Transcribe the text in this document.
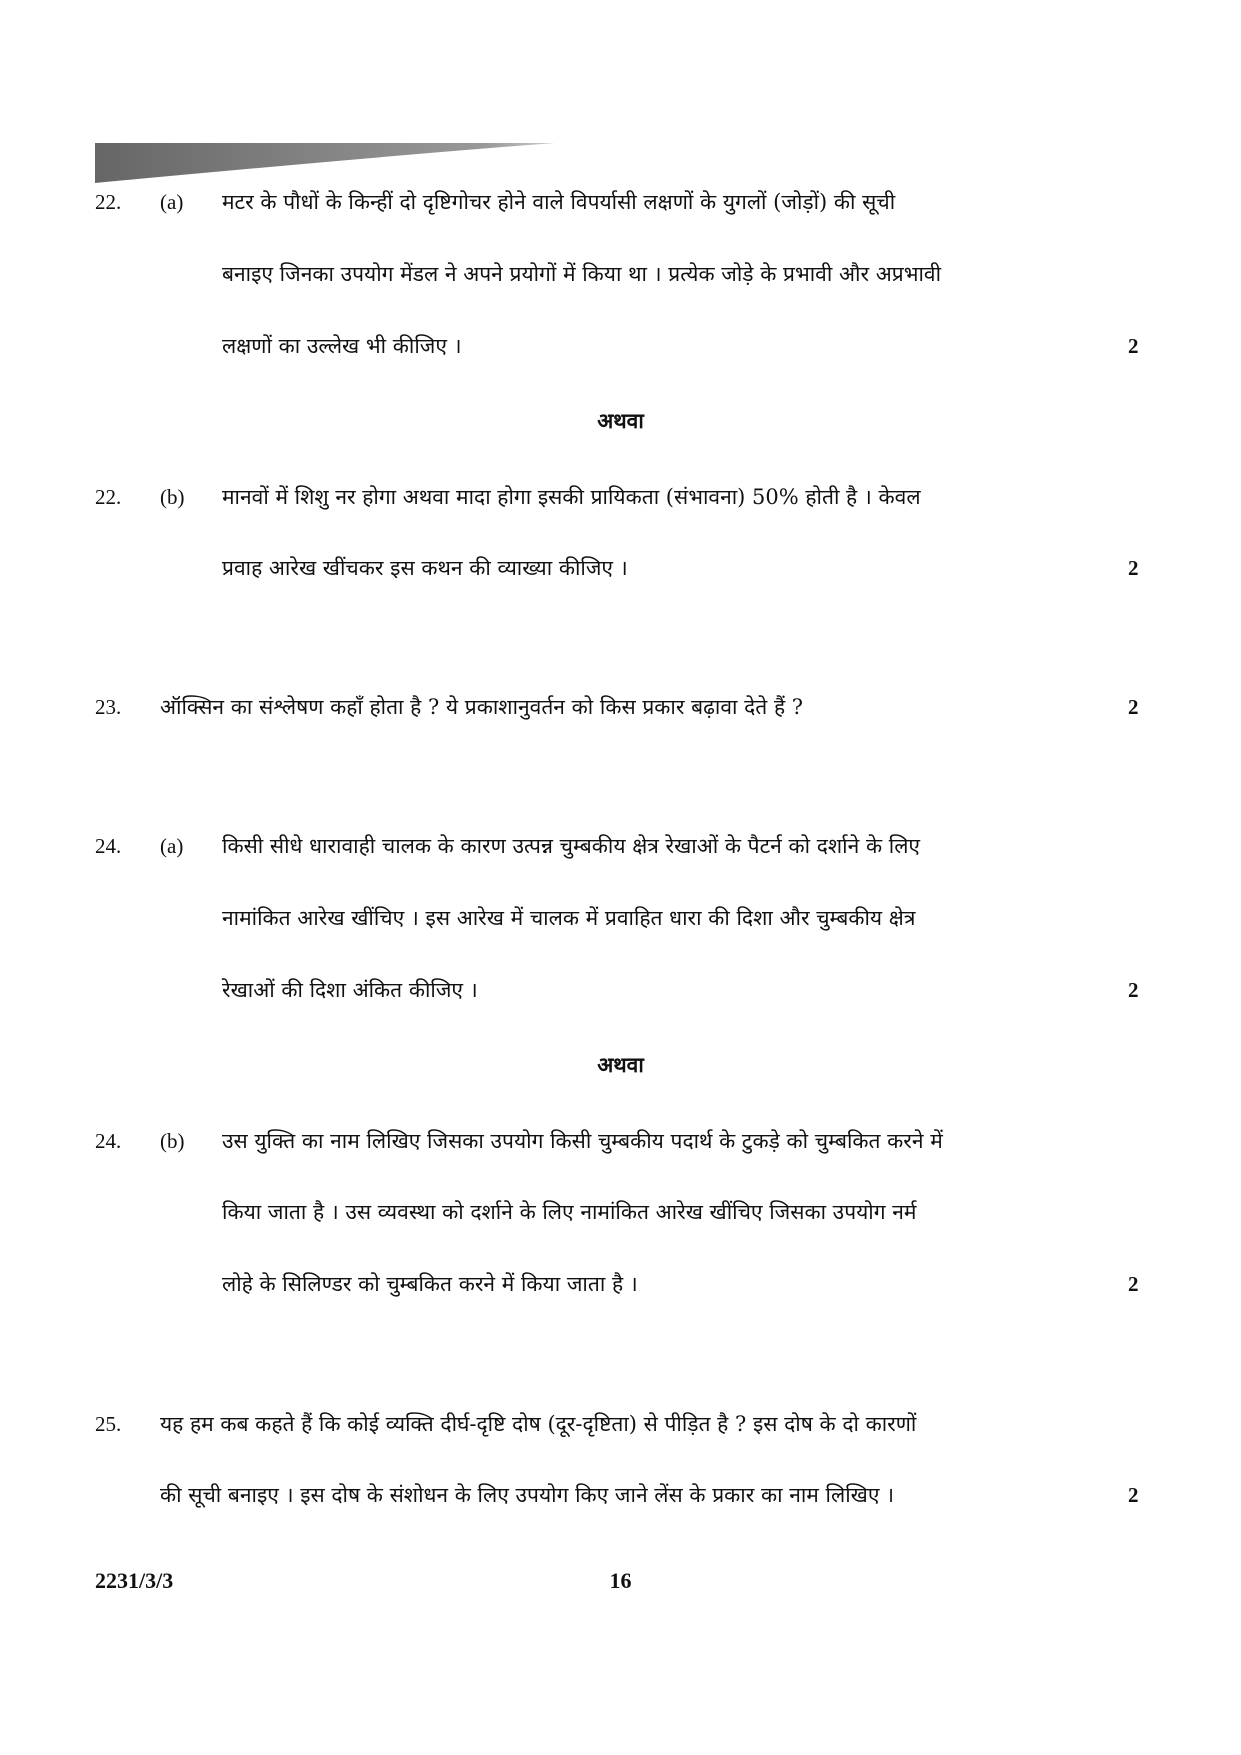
22. (a) मटर के पौधों के किन्हीं दो दृष्टिगोचर होने वाले विपर्यासी लक्षणों के युगलों (जोड़ों) की सूची
बनाइए जिनका उपयोग मेंडल ने अपने प्रयोगों में किया था । प्रत्येक जोड़े के प्रभावी और अप्रभावी
लक्षणों का उल्लेख भी कीजिए ।	2
अथवा
22. (b) मानवों में शिशु नर होगा अथवा मादा होगा इसकी प्रायिकता (संभावना) 50% होती है । केवल
प्रवाह आरेख खींचकर इस कथन की व्याख्या कीजिए ।	2
23. ऑक्सिन का संश्लेषण कहाँ होता है ? ये प्रकाशानुवर्तन को किस प्रकार बढ़ावा देते हैं ?	2
24. (a) किसी सीधे धारावाही चालक के कारण उत्पन्न चुम्बकीय क्षेत्र रेखाओं के पैटर्न को दर्शाने के लिए
नामांकित आरेख खींचिए । इस आरेख में चालक में प्रवाहित धारा की दिशा और चुम्बकीय क्षेत्र
रेखाओं की दिशा अंकित कीजिए ।	2
अथवा
24. (b) उस युक्ति का नाम लिखिए जिसका उपयोग किसी चुम्बकीय पदार्थ के टुकड़े को चुम्बकित करने में
किया जाता है । उस व्यवस्था को दर्शाने के लिए नामांकित आरेख खींचिए जिसका उपयोग नर्म
लोहे के सिलिण्डर को चुम्बकित करने में किया जाता है ।	2
25. यह हम कब कहते हैं कि कोई व्यक्ति दीर्घ-दृष्टि दोष (दूर-दृष्टिता) से पीड़ित है ? इस दोष के दो कारणों
की सूची बनाइए । इस दोष के संशोधन के लिए उपयोग किए जाने लेंस के प्रकार का नाम लिखिए ।	2
2231/3/3	16
